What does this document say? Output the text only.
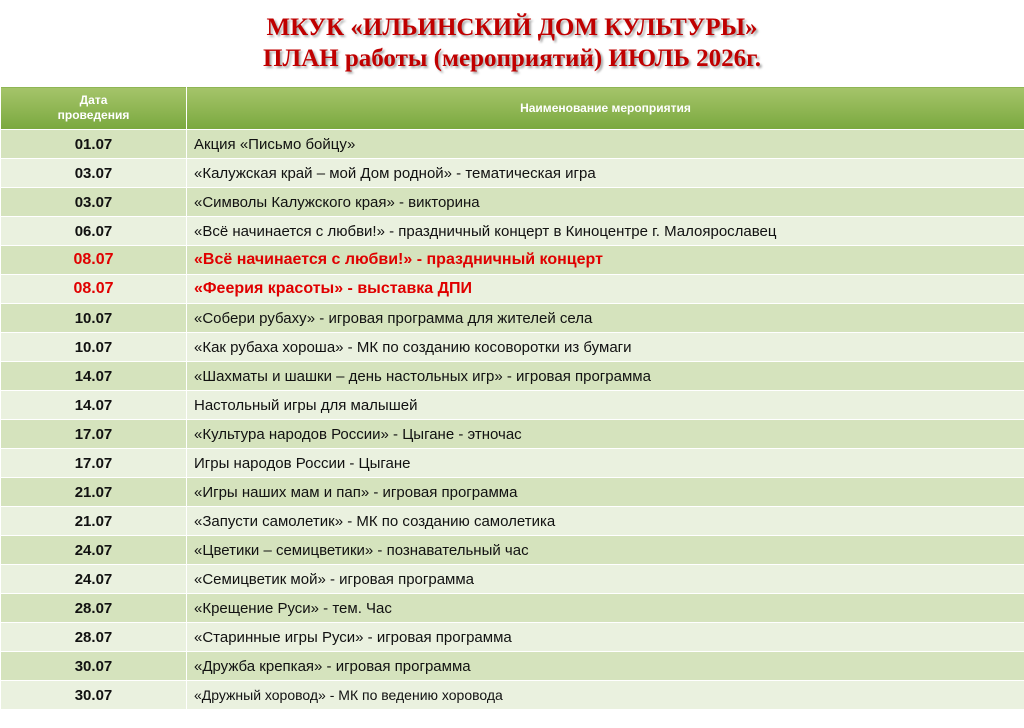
МКУК «ИЛЬИНСКИЙ ДОМ КУЛЬТУРЫ»
ПЛАН работы (мероприятий) ИЮЛЬ 2026г.
Дата
проведения	Наименование мероприятия
01.07	Акция «Письмо бойцу»
03.07	«Калужская край – мой Дом родной» - тематическая игра
03.07	«Символы Калужского края» - викторина
06.07	«Всё начинается с любви!» - праздничный концерт в Киноцентре г. Малоярославец
08.07	«Всё начинается с любви!» - праздничный концерт
08.07	«Феерия красоты» - выставка ДПИ
10.07	«Собери рубаху» - игровая программа для жителей села
10.07	«Как рубаха хороша» - МК по созданию косоворотки из бумаги
14.07	«Шахматы и шашки – день настольных игр» - игровая программа
14.07	Настольный игры для малышей
17.07	«Культура народов России» - Цыгане - этночас
17.07	Игры народов России - Цыгане
21.07	«Игры наших мам и пап» - игровая программа
21.07	«Запусти самолетик» - МК по созданию самолетика
24.07	«Цветики – семицветики» - познавательный час
24.07	«Семицветик мой» - игровая программа
28.07	«Крещение Руси» - тем. Час
28.07	«Старинные игры Руси» - игровая программа
30.07	«Дружба крепкая» - игровая программа
30.07	«Дружный хоровод» - МК по ведению хоровода
